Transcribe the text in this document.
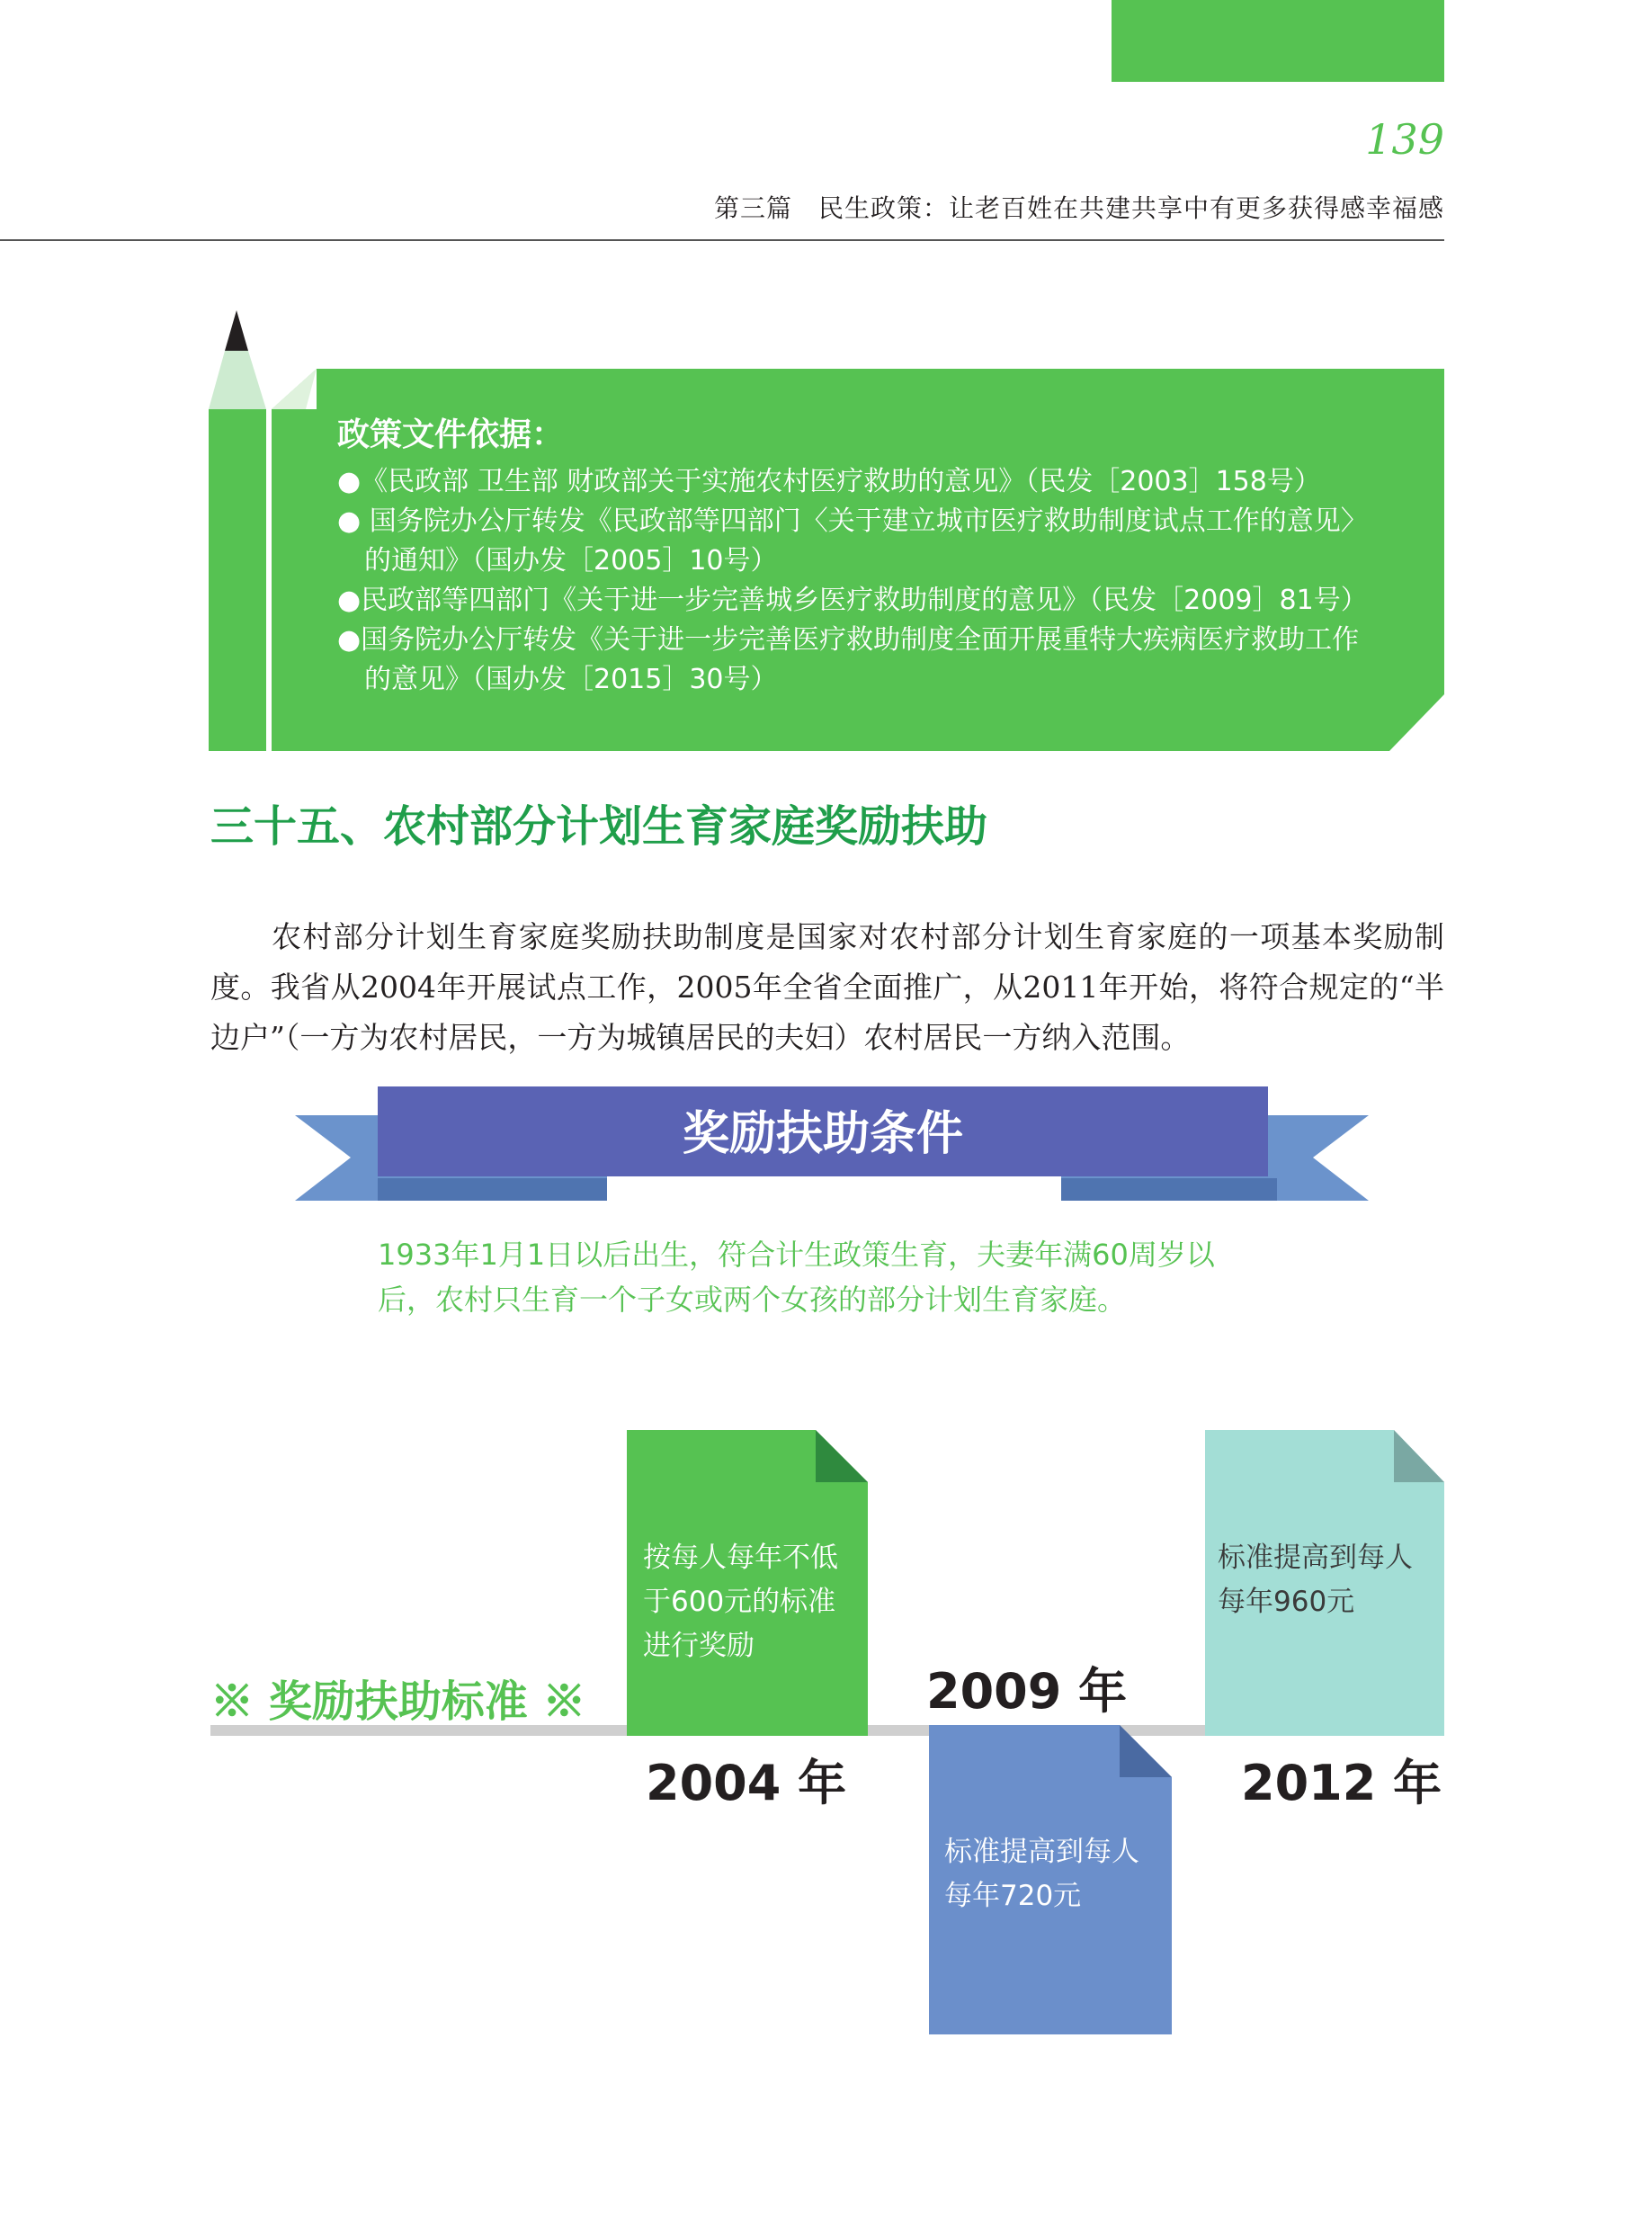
139
第三篇　民生政策：让老百姓在共建共享中有更多获得感幸福感
政策文件依据：
●《民政部 卫生部 财政部关于实施农村医疗救助的意见》（民发［2003］158号）
● 国务院办公厅转发《民政部等四部门〈关于建立城市医疗救助制度试点工作的意见〉
的通知》（国办发［2005］10号）
●民政部等四部门《关于进一步完善城乡医疗救助制度的意见》（民发［2009］81号）
●国务院办公厅转发《关于进一步完善医疗救助制度全面开展重特大疾病医疗救助工作
的意见》（国办发［2015］30号）
三十五、农村部分计划生育家庭奖励扶助
农村部分计划生育家庭奖励扶助制度是国家对农村部分计划生育家庭的一项基本奖励制度。我省从2004年开展试点工作，2005年全省全面推广，从2011年开始，将符合规定的“半边户”（一方为农村居民，一方为城镇居民的夫妇）农村居民一方纳入范围。
奖励扶助条件
1933年1月1日以后出生，符合计生政策生育，夫妻年满60周岁以
后，农村只生育一个子女或两个女孩的部分计划生育家庭。
※ 奖励扶助标准 ※
2004 年
2009 年
2012 年
按每人每年不低
于600元的标准
进行奖励
标准提高到每人
每年720元
标准提高到每人
每年960元
